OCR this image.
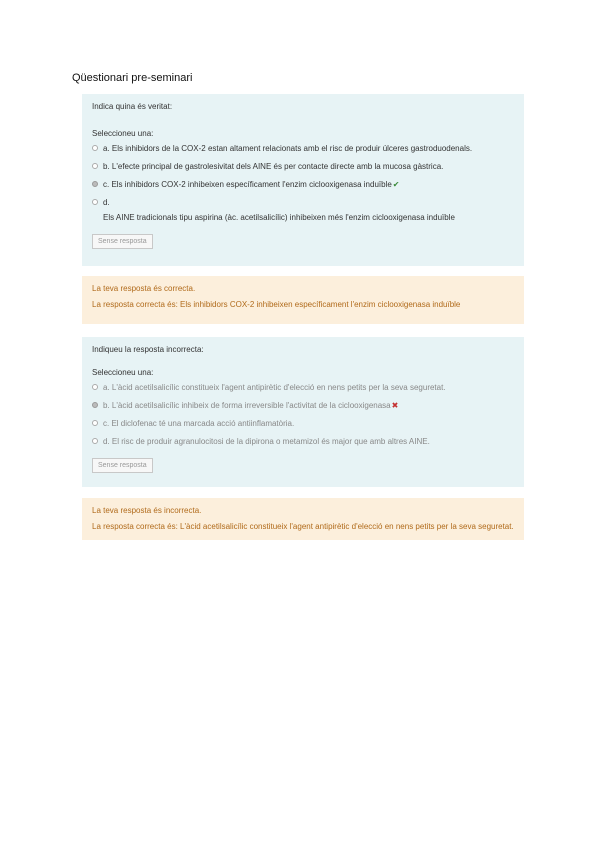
Qüestionari pre-seminari
Indica quina és veritat:
Seleccioneu una:
a. Els inhibidors de la COX-2 estan altament relacionats amb el risc de produir úlceres gastroduodenals.
b. L'efecte principal de gastrolesivitat dels AINE és per contacte directe amb la mucosa gàstrica.
c. Els inhibidors COX-2 inhibeixen específicament l'enzim ciclooxigenasa induïble ✔
d.
Els AINE tradicionals tipu aspirina (àc. acetilsalicílic) inhibeixen més l'enzim ciclooxigenasa induïble
Sense resposta
La teva resposta és correcta.
La resposta correcta és: Els inhibidors COX-2 inhibeixen específicament l'enzim ciclooxigenasa induïble
Indiqueu la resposta incorrecta:
Seleccioneu una:
a. L'àcid acetilsalicílic constitueix l'agent antipirètic d'elecció en nens petits per la seva seguretat.
b. L'àcid acetilsalicílic inhibeix de forma irreversible l'activitat de la ciclooxigenasa ✖
c. El diclofenac té una marcada acció antiinflamatòria.
d. El risc de produir agranulocitosi de la dipirona o metamizol és major que amb altres AINE.
Sense resposta
La teva resposta és incorrecta.
La resposta correcta és: L'àcid acetilsalicílic constitueix l'agent antipirètic d'elecció en nens petits per la seva seguretat.
